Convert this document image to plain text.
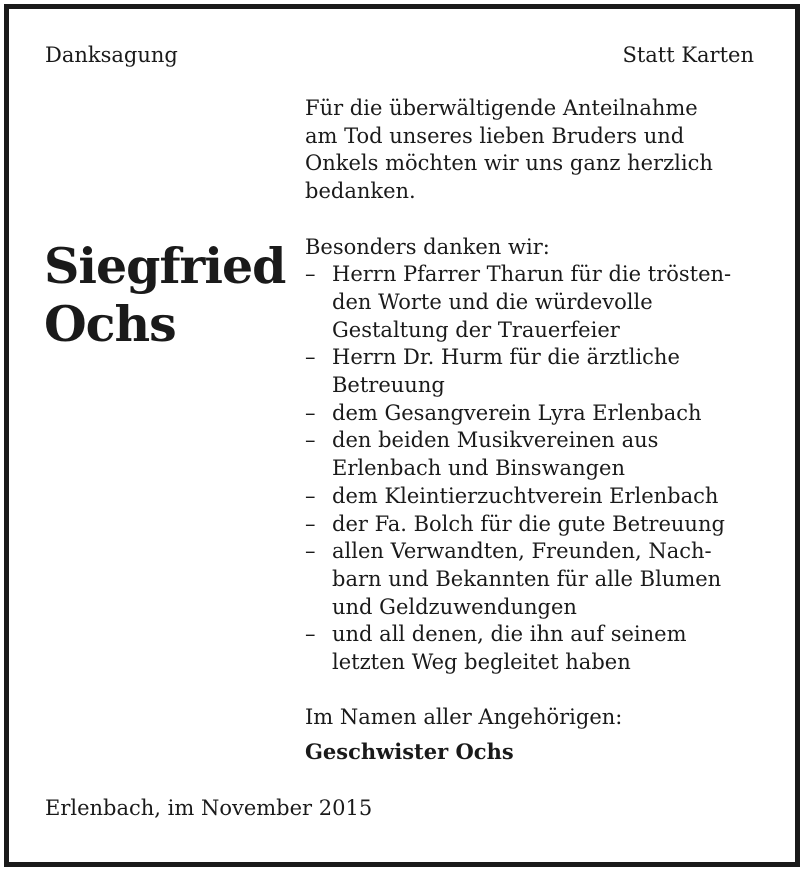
Danksagung	Statt Karten
Siegfried
Ochs

Für die überwältigende Anteilnahme
am Tod unseres lieben Bruders und
Onkels möchten wir uns ganz herzlich
bedanken.

Besonders danken wir:

– Herrn Pfarrer Tharun für die trösten-
den Worte und die würdevolle
Gestaltung der Trauerfeier
– Herrn Dr. Hurm für die ärztliche
Betreuung
– dem Gesangverein Lyra Erlenbach
– den beiden Musikvereinen aus
Erlenbach und Binswangen
– dem Kleintierzuchtverein Erlenbach
– der Fa. Bolch für die gute Betreuung
– allen Verwandten, Freunden, Nach-
barn und Bekannten für alle Blumen
und Geldzuwendungen
– und all denen, die ihn auf seinem
letzten Weg begleitet haben

Im Namen aller Angehörigen:

Geschwister Ochs

Erlenbach, im November 2015
